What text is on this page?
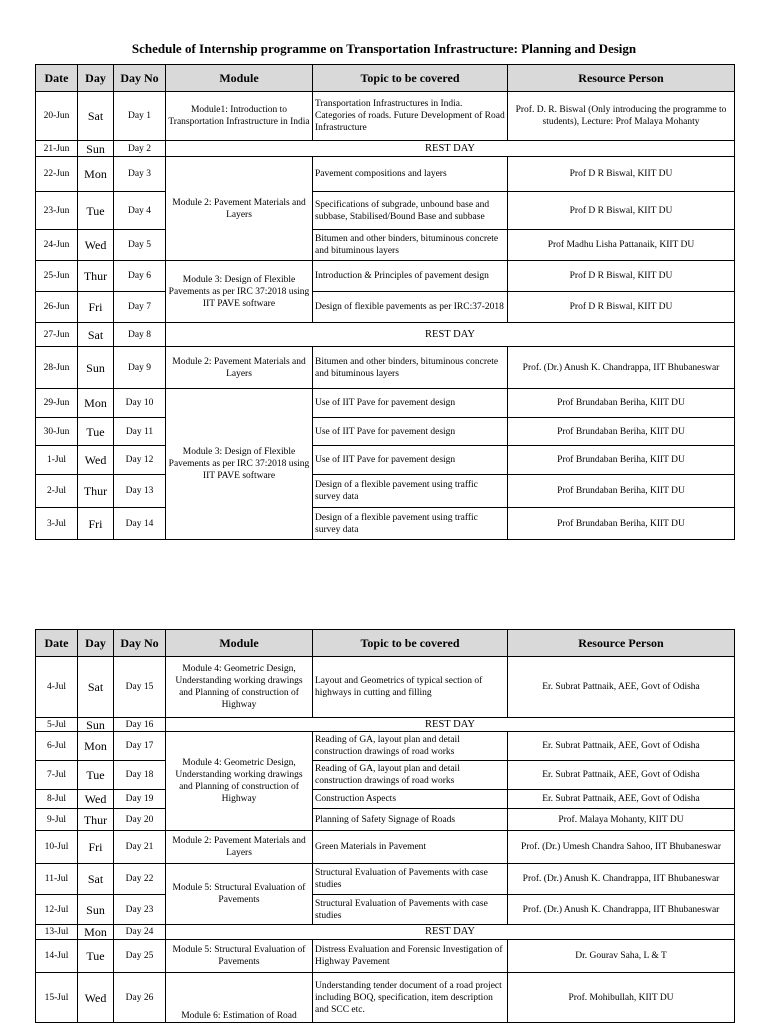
Schedule of Internship programme on Transportation Infrastructure: Planning and Design
Date	Day	Day No	Module	Topic to be covered	Resource Person
20-Jun	Sat	Day 1	Module1: Introduction to Transportation Infrastructure in India	Transportation Infrastructures in India. Categories of roads. Future Development of Road Infrastructure	Prof. D. R. Biswal (Only introducing the programme to students), Lecture: Prof Malaya Mohanty
21-Jun	Sun	Day 2	REST DAY		
22-Jun	Mon	Day 3	Module 2: Pavement Materials and Layers	Pavement compositions and layers	Prof D R Biswal, KIIT DU
23-Jun	Tue	Day 4		Specifications of subgrade, unbound base and subbase, Stabilised/Bound Base and subbase	Prof D R Biswal, KIIT DU
24-Jun	Wed	Day 5		Bitumen and other binders, bituminous concrete and bituminous layers	Prof Madhu Lisha Pattanaik, KIIT DU
25-Jun	Thur	Day 6	Module 3: Design of Flexible Pavements as per IRC 37:2018 using IIT PAVE software	Introduction & Principles of pavement design	Prof D R Biswal, KIIT DU
26-Jun	Fri	Day 7		Design of flexible pavements as per IRC:37-2018	Prof D R Biswal, KIIT DU
27-Jun	Sat	Day 8	REST DAY		
28-Jun	Sun	Day 9	Module 2: Pavement Materials and Layers	Bitumen and other binders, bituminous concrete and bituminous layers	Prof. (Dr.) Anush K. Chandrappa, IIT Bhubaneswar
29-Jun	Mon	Day 10	Module 3: Design of Flexible Pavements as per IRC 37:2018 using IIT PAVE software	Use of IIT Pave for pavement design	Prof Brundaban Beriha, KIIT DU
30-Jun	Tue	Day 11		Use of IIT Pave for pavement design	Prof Brundaban Beriha, KIIT DU
1-Jul	Wed	Day 12		Use of IIT Pave for pavement design	Prof Brundaban Beriha, KIIT DU
2-Jul	Thur	Day 13		Design of a flexible pavement using traffic survey data	Prof Brundaban Beriha, KIIT DU
3-Jul	Fri	Day 14		Design of a flexible pavement using traffic survey data	Prof Brundaban Beriha, KIIT DU
Date	Day	Day No	Module	Topic to be covered	Resource Person
4-Jul	Sat	Day 15	Module 4: Geometric Design, Understanding working drawings and Planning of construction of Highway	Layout and Geometrics of typical section of highways in cutting and filling	Er. Subrat Pattnaik, AEE, Govt of Odisha
5-Jul	Sun	Day 16	REST DAY		
6-Jul	Mon	Day 17	Module 4: Geometric Design, Understanding working drawings and Planning of construction of Highway	Reading of GA, layout plan and detail construction drawings of road works	Er. Subrat Pattnaik, AEE, Govt of Odisha
7-Jul	Tue	Day 18		Reading of GA, layout plan and detail construction drawings of road works	Er. Subrat Pattnaik, AEE, Govt of Odisha
8-Jul	Wed	Day 19		Construction Aspects	Er. Subrat Pattnaik, AEE, Govt of Odisha
9-Jul	Thur	Day 20		Planning of Safety Signage of Roads	Prof. Malaya Mohanty, KIIT DU
10-Jul	Fri	Day 21	Module 2: Pavement Materials and Layers	Green Materials in Pavement	Prof. (Dr.) Umesh Chandra Sahoo, IIT Bhubaneswar
11-Jul	Sat	Day 22	Module 5: Structural Evaluation of Pavements	Structural Evaluation of Pavements with case studies	Prof. (Dr.) Anush K. Chandrappa, IIT Bhubaneswar
12-Jul	Sun	Day 23		Structural Evaluation of Pavements with case studies	Prof. (Dr.) Anush K. Chandrappa, IIT Bhubaneswar
13-Jul	Mon	Day 24	REST DAY		
14-Jul	Tue	Day 25	Module 5: Structural Evaluation of Pavements	Distress Evaluation and Forensic Investigation of Highway Pavement	Dr. Gourav Saha, L & T
15-Jul	Wed	Day 26	Module 6: Estimation of Road	Understanding tender document of a road project including BOQ, specification, item description and SCC etc.	Prof. Mohibullah, KIIT DU
